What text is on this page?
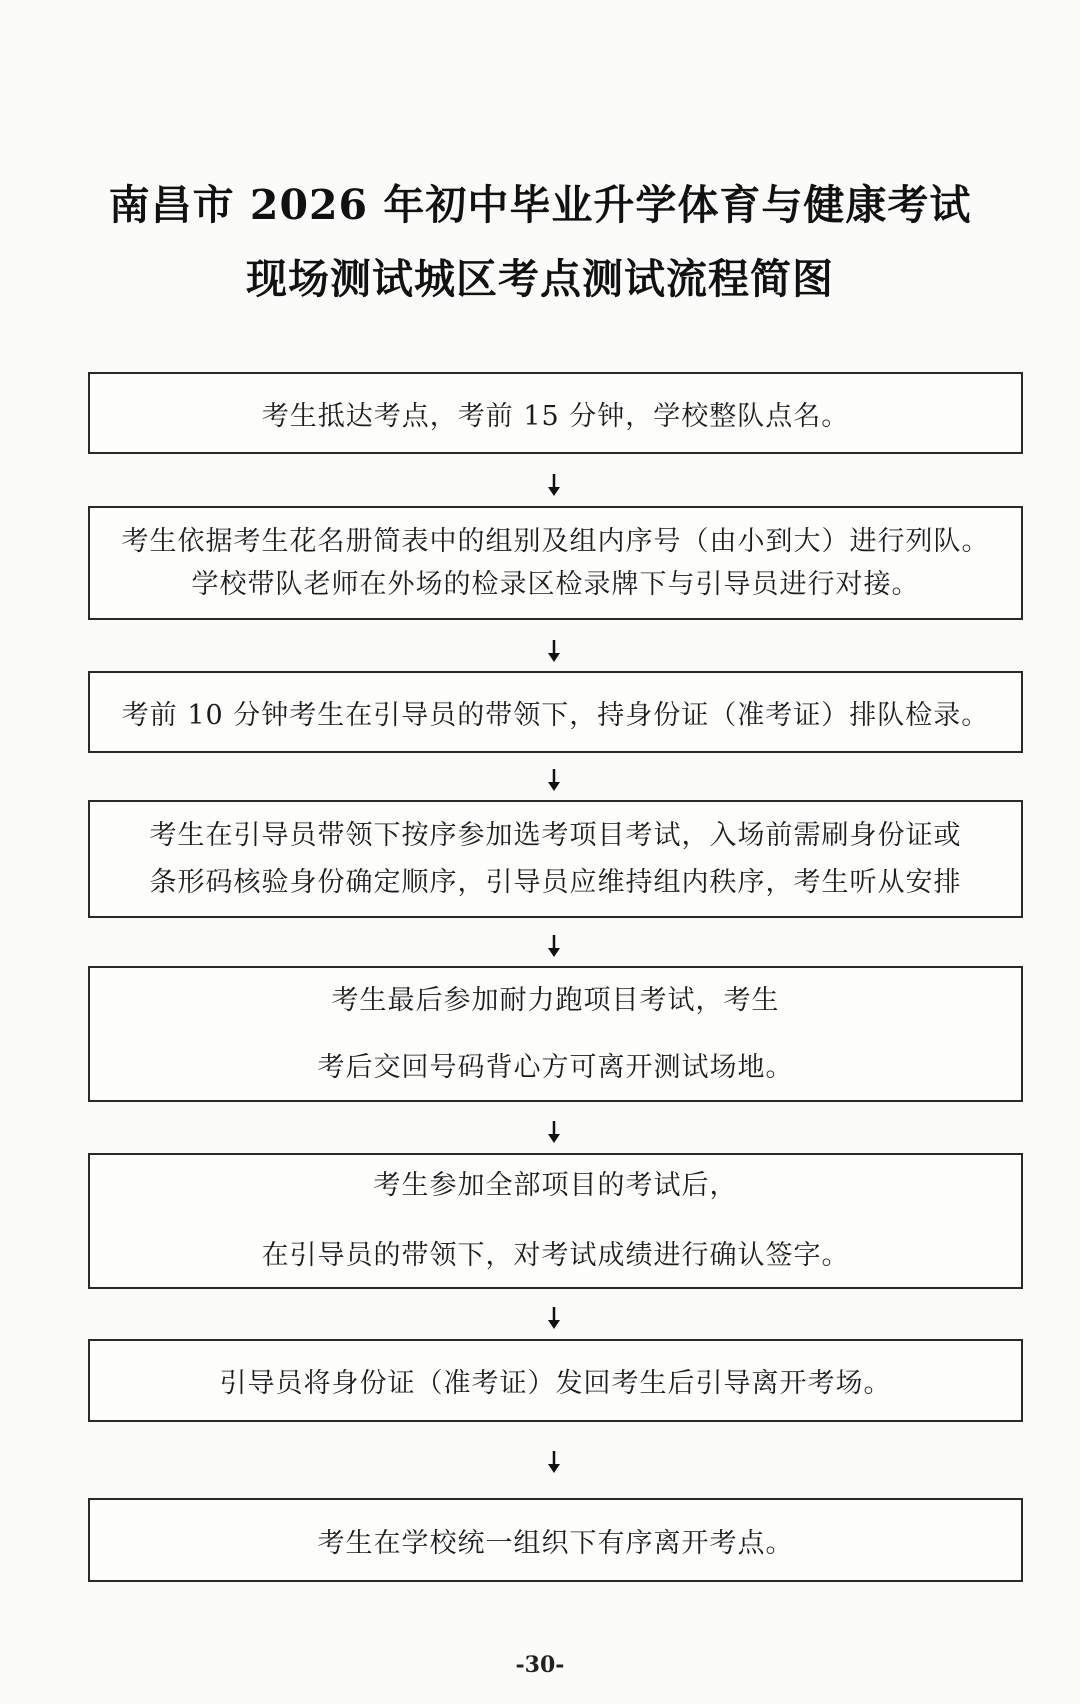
南昌市 2026 年初中毕业升学体育与健康考试
现场测试城区考点测试流程简图
考生抵达考点，考前 15 分钟，学校整队点名。
考生依据考生花名册简表中的组别及组内序号（由小到大）进行列队。
学校带队老师在外场的检录区检录牌下与引导员进行对接。
考前 10 分钟考生在引导员的带领下，持身份证（准考证）排队检录。
考生在引导员带领下按序参加选考项目考试，入场前需刷身份证或
条形码核验身份确定顺序，引导员应维持组内秩序，考生听从安排
考生最后参加耐力跑项目考试，考生
考后交回号码背心方可离开测试场地。
考生参加全部项目的考试后，
在引导员的带领下，对考试成绩进行确认签字。
引导员将身份证（准考证）发回考生后引导离开考场。
考生在学校统一组织下有序离开考点。
-30-
